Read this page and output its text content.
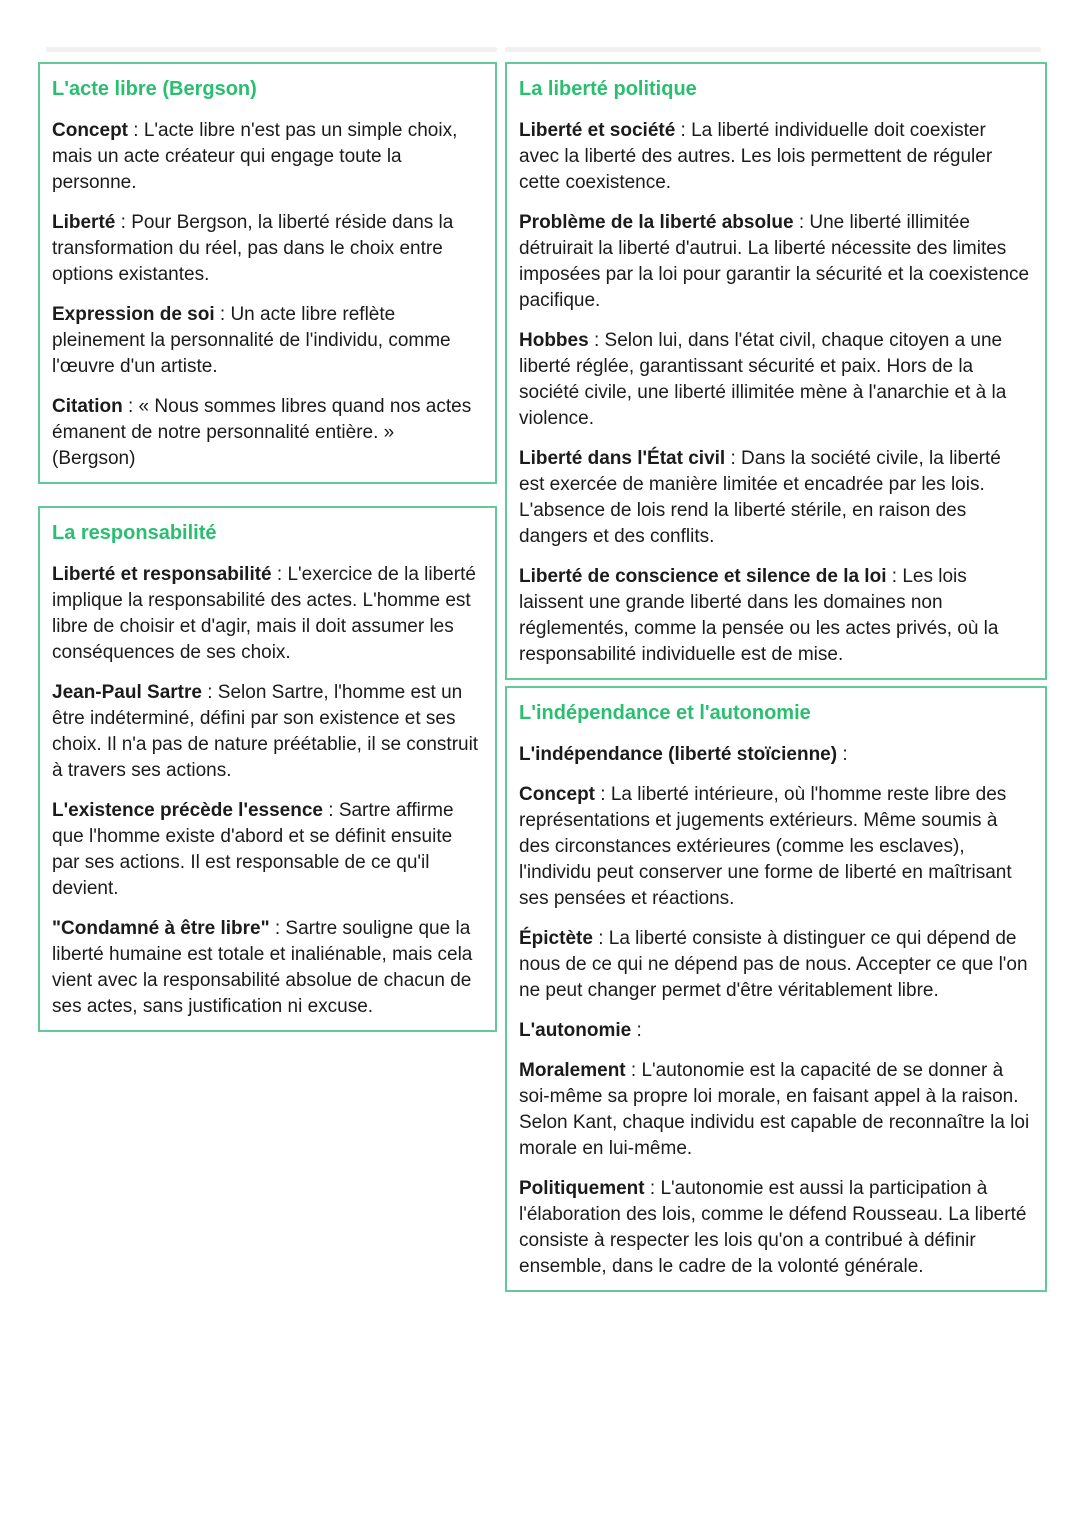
L'acte libre (Bergson)

Concept : L'acte libre n'est pas un simple choix, mais un acte créateur qui engage toute la personne.

Liberté : Pour Bergson, la liberté réside dans la transformation du réel, pas dans le choix entre options existantes.

Expression de soi : Un acte libre reflète pleinement la personnalité de l'individu, comme l'œuvre d'un artiste.

Citation : « Nous sommes libres quand nos actes émanent de notre personnalité entière. » (Bergson)

La responsabilité

Liberté et responsabilité : L'exercice de la liberté implique la responsabilité des actes. L'homme est libre de choisir et d'agir, mais il doit assumer les conséquences de ses choix.

Jean-Paul Sartre : Selon Sartre, l'homme est un être indéterminé, défini par son existence et ses choix. Il n'a pas de nature préétablie, il se construit à travers ses actions.

L'existence précède l'essence : Sartre affirme que l'homme existe d'abord et se définit ensuite par ses actions. Il est responsable de ce qu'il devient.

"Condamné à être libre" : Sartre souligne que la liberté humaine est totale et inaliénable, mais cela vient avec la responsabilité absolue de chacun de ses actes, sans justification ni excuse.

La liberté politique

Liberté et société : La liberté individuelle doit coexister avec la liberté des autres. Les lois permettent de réguler cette coexistence.

Problème de la liberté absolue : Une liberté illimitée détruirait la liberté d'autrui. La liberté nécessite des limites imposées par la loi pour garantir la sécurité et la coexistence pacifique.

Hobbes : Selon lui, dans l'état civil, chaque citoyen a une liberté réglée, garantissant sécurité et paix. Hors de la société civile, une liberté illimitée mène à l'anarchie et à la violence.

Liberté dans l'État civil : Dans la société civile, la liberté est exercée de manière limitée et encadrée par les lois. L'absence de lois rend la liberté stérile, en raison des dangers et des conflits.

Liberté de conscience et silence de la loi : Les lois laissent une grande liberté dans les domaines non réglementés, comme la pensée ou les actes privés, où la responsabilité individuelle est de mise.

L'indépendance et l'autonomie

L'indépendance (liberté stoïcienne) :

Concept : La liberté intérieure, où l'homme reste libre des représentations et jugements extérieurs. Même soumis à des circonstances extérieures (comme les esclaves), l'individu peut conserver une forme de liberté en maîtrisant ses pensées et réactions.

Épictète : La liberté consiste à distinguer ce qui dépend de nous de ce qui ne dépend pas de nous. Accepter ce que l'on ne peut changer permet d'être véritablement libre.

L'autonomie :

Moralement : L'autonomie est la capacité de se donner à soi-même sa propre loi morale, en faisant appel à la raison. Selon Kant, chaque individu est capable de reconnaître la loi morale en lui-même.

Politiquement : L'autonomie est aussi la participation à l'élaboration des lois, comme le défend Rousseau. La liberté consiste à respecter les lois qu'on a contribué à définir ensemble, dans le cadre de la volonté générale.
